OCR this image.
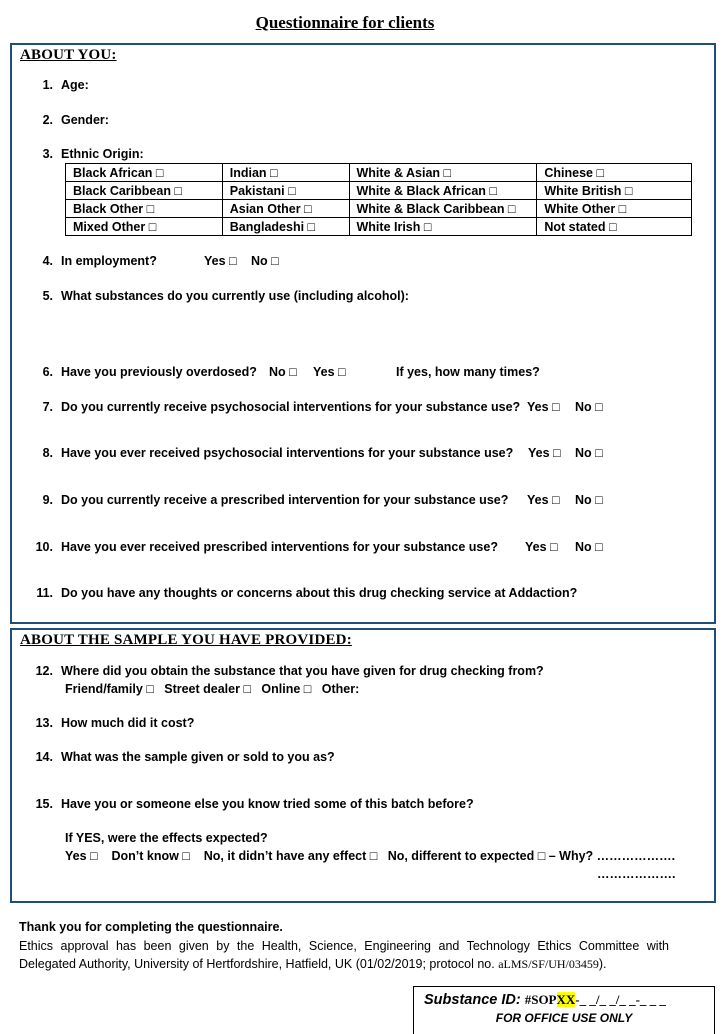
Questionnaire for clients
ABOUT YOU:
1. Age:
2. Gender:
3. Ethnic Origin:
Black African □	Indian □	White & Asian □	Chinese □
Black Caribbean □	Pakistani □	White & Black African □	White British □
Black Other □	Asian Other □	White & Black Caribbean □	White Other □
Mixed Other □	Bangladeshi □	White Irish □	Not stated □
4. In employment?	Yes □ No □
5. What substances do you currently use (including alcohol):
6. Have you previously overdosed? No □ Yes □	If yes, how many times?
7. Do you currently receive psychosocial interventions for your substance use? Yes □ No □
8. Have you ever received psychosocial interventions for your substance use? Yes □ No □
9. Do you currently receive a prescribed intervention for your substance use? Yes □ No □
10. Have you ever received prescribed interventions for your substance use? Yes □ No □
11. Do you have any thoughts or concerns about this drug checking service at Addaction?
ABOUT THE SAMPLE YOU HAVE PROVIDED:
12. Where did you obtain the substance that you have given for drug checking from?
Friend/family □   Street dealer □   Online □   Other:
13. How much did it cost?
14. What was the sample given or sold to you as?
15. Have you or someone else you know tried some of this batch before?
If YES, were the effects expected?
Yes □    Don’t know □    No, it didn’t have any effect □   No, different to expected □ – Why? ……………….
……………….
Thank you for completing the questionnaire.
Ethics approval has been given by the Health, Science, Engineering and Technology Ethics Committee with Delegated Authority, University of Hertfordshire, Hatfield, UK (01/02/2019; protocol no. aLMS/SF/UH/03459).
Substance ID: #SOPXX-_ _/_ _/_ _-_ _ _
FOR OFFICE USE ONLY
